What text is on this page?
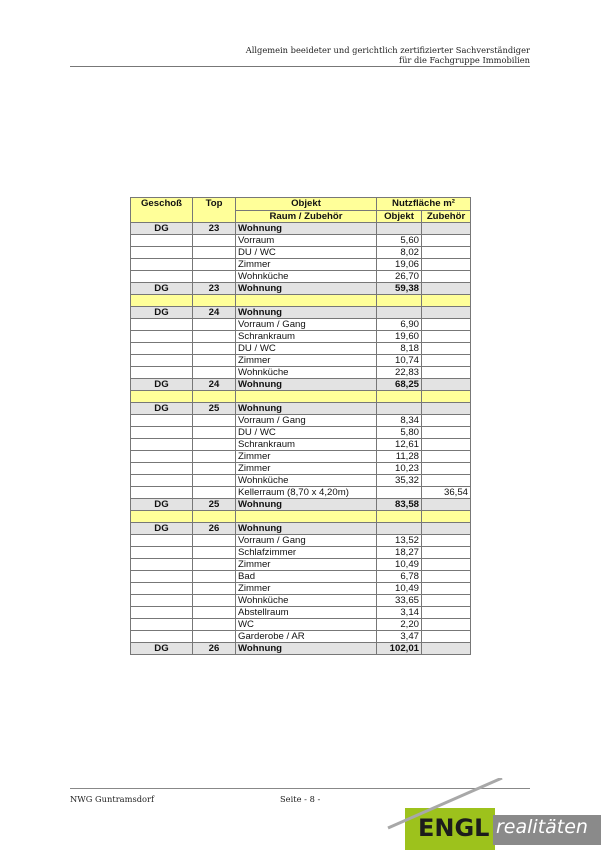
Allgemein beeideter und gerichtlich zertifizierter Sachverständiger
für die Fachgruppe Immobilien
Geschoß	Top	Objekt	Nutzfläche m²	
		Raum / Zubehör	Objekt	Zubehör
DG	23	Wohnung		
		Vorraum	5,60	
		DU / WC	8,02	
		Zimmer	19,06	
		Wohnküche	26,70	
DG	23	Wohnung	59,38	

DG	24	Wohnung		
		Vorraum / Gang	6,90	
		Schrankraum	19,60	
		DU / WC	8,18	
		Zimmer	10,74	
		Wohnküche	22,83	
DG	24	Wohnung	68,25	

DG	25	Wohnung		
		Vorraum / Gang	8,34	
		DU / WC	5,80	
		Schrankraum	12,61	
		Zimmer	11,28	
		Zimmer	10,23	
		Wohnküche	35,32	
		Kellerraum (8,70 x 4,20m)		36,54
DG	25	Wohnung	83,58	

DG	26	Wohnung		
		Vorraum / Gang	13,52	
		Schlafzimmer	18,27	
		Zimmer	10,49	
		Bad	6,78	
		Zimmer	10,49	
		Wohnküche	33,65	
		Abstellraum	3,14	
		WC	2,20	
		Garderobe / AR	3,47	
DG	26	Wohnung	102,01	
NWG Guntramsdorf	Seite - 8 -
ENGL realitäten
